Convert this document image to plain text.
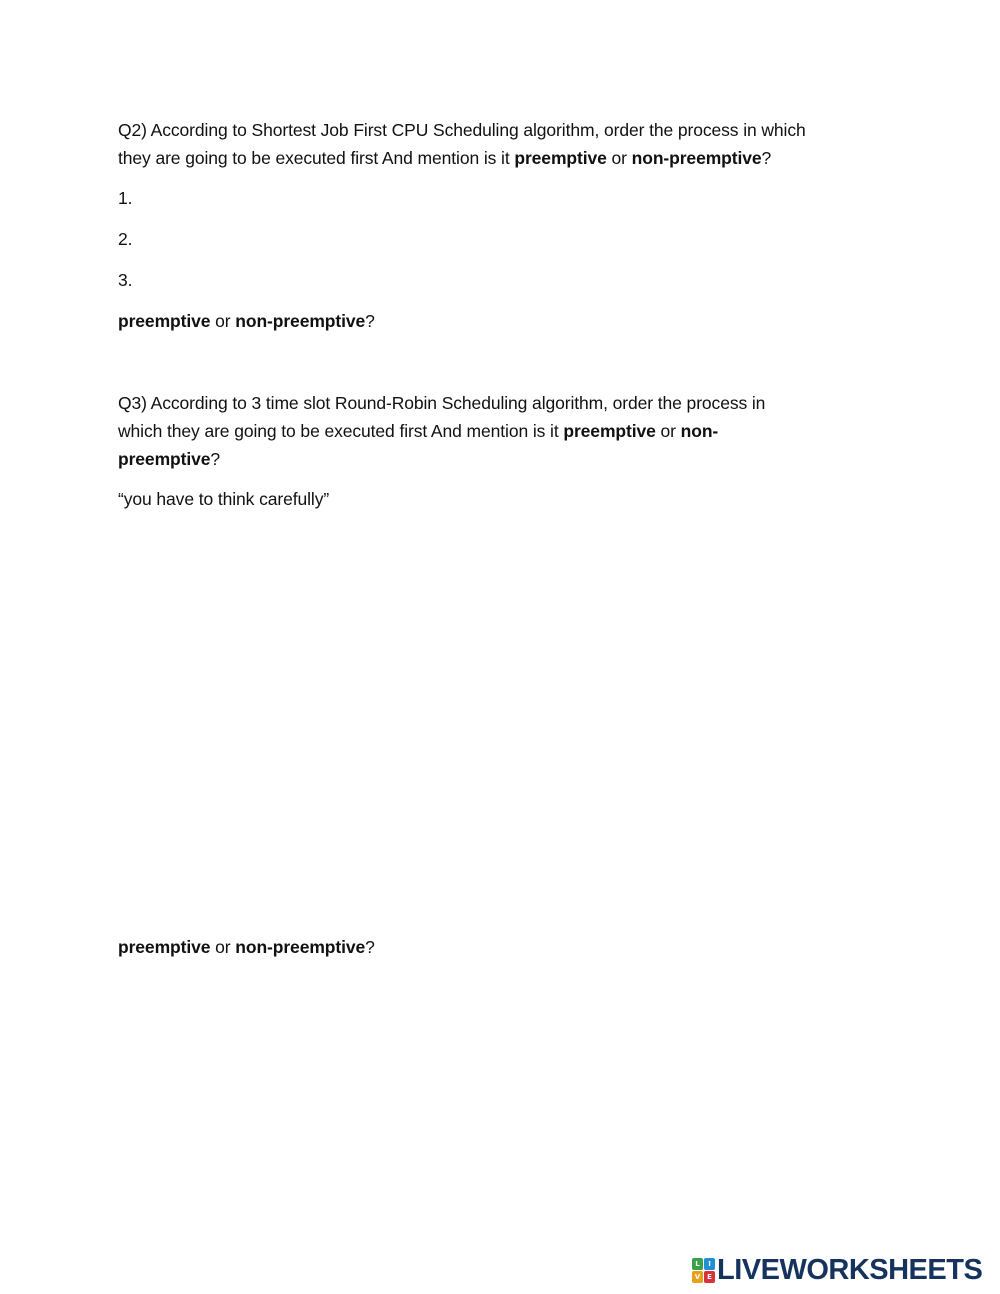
Q2) According to Shortest Job First CPU Scheduling algorithm, order the process in which
they are going to be executed first And mention is it preemptive or non-preemptive?
1.
2.
3.
preemptive or non-preemptive?
Q3) According to 3 time slot Round-Robin Scheduling algorithm, order the process in
which they are going to be executed first And mention is it preemptive or non-
preemptive?
“you have to think carefully”
preemptive or non-preemptive?
L	I
V E LIVEWORKSHEETS
